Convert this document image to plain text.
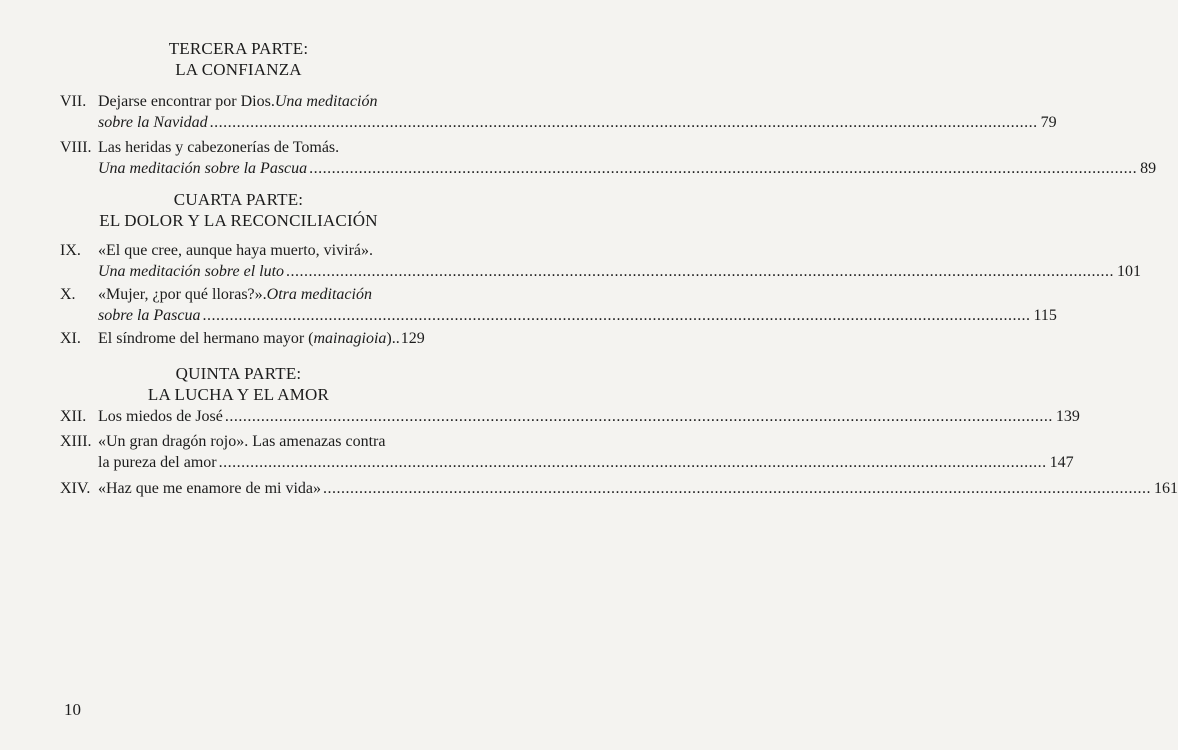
TERCERA PARTE:
LA CONFIANZA
VII. Dejarse encontrar por Dios. Una meditación
sobre la Navidad .....	79
VIII. Las heridas y cabezonerías de Tomás.
Una meditación sobre la Pascua .....	89
CUARTA PARTE:
EL DOLOR Y LA RECONCILIACIÓN
IX. «El que cree, aunque haya muerto, vivirá».
Una meditación sobre el luto .....	101
X. «Mujer, ¿por qué lloras?». Otra meditación
sobre la Pascua .....	115
XI. El síndrome del hermano mayor ( mainagioia ).. 129
QUINTA PARTE:
LA LUCHA Y EL AMOR
XII. Los miedos de José .....	139
XIII. «Un gran dragón rojo». Las amenazas contra
la pureza del amor .....	147
XIV. «Haz que me enamore de mi vida» .....	161
10
